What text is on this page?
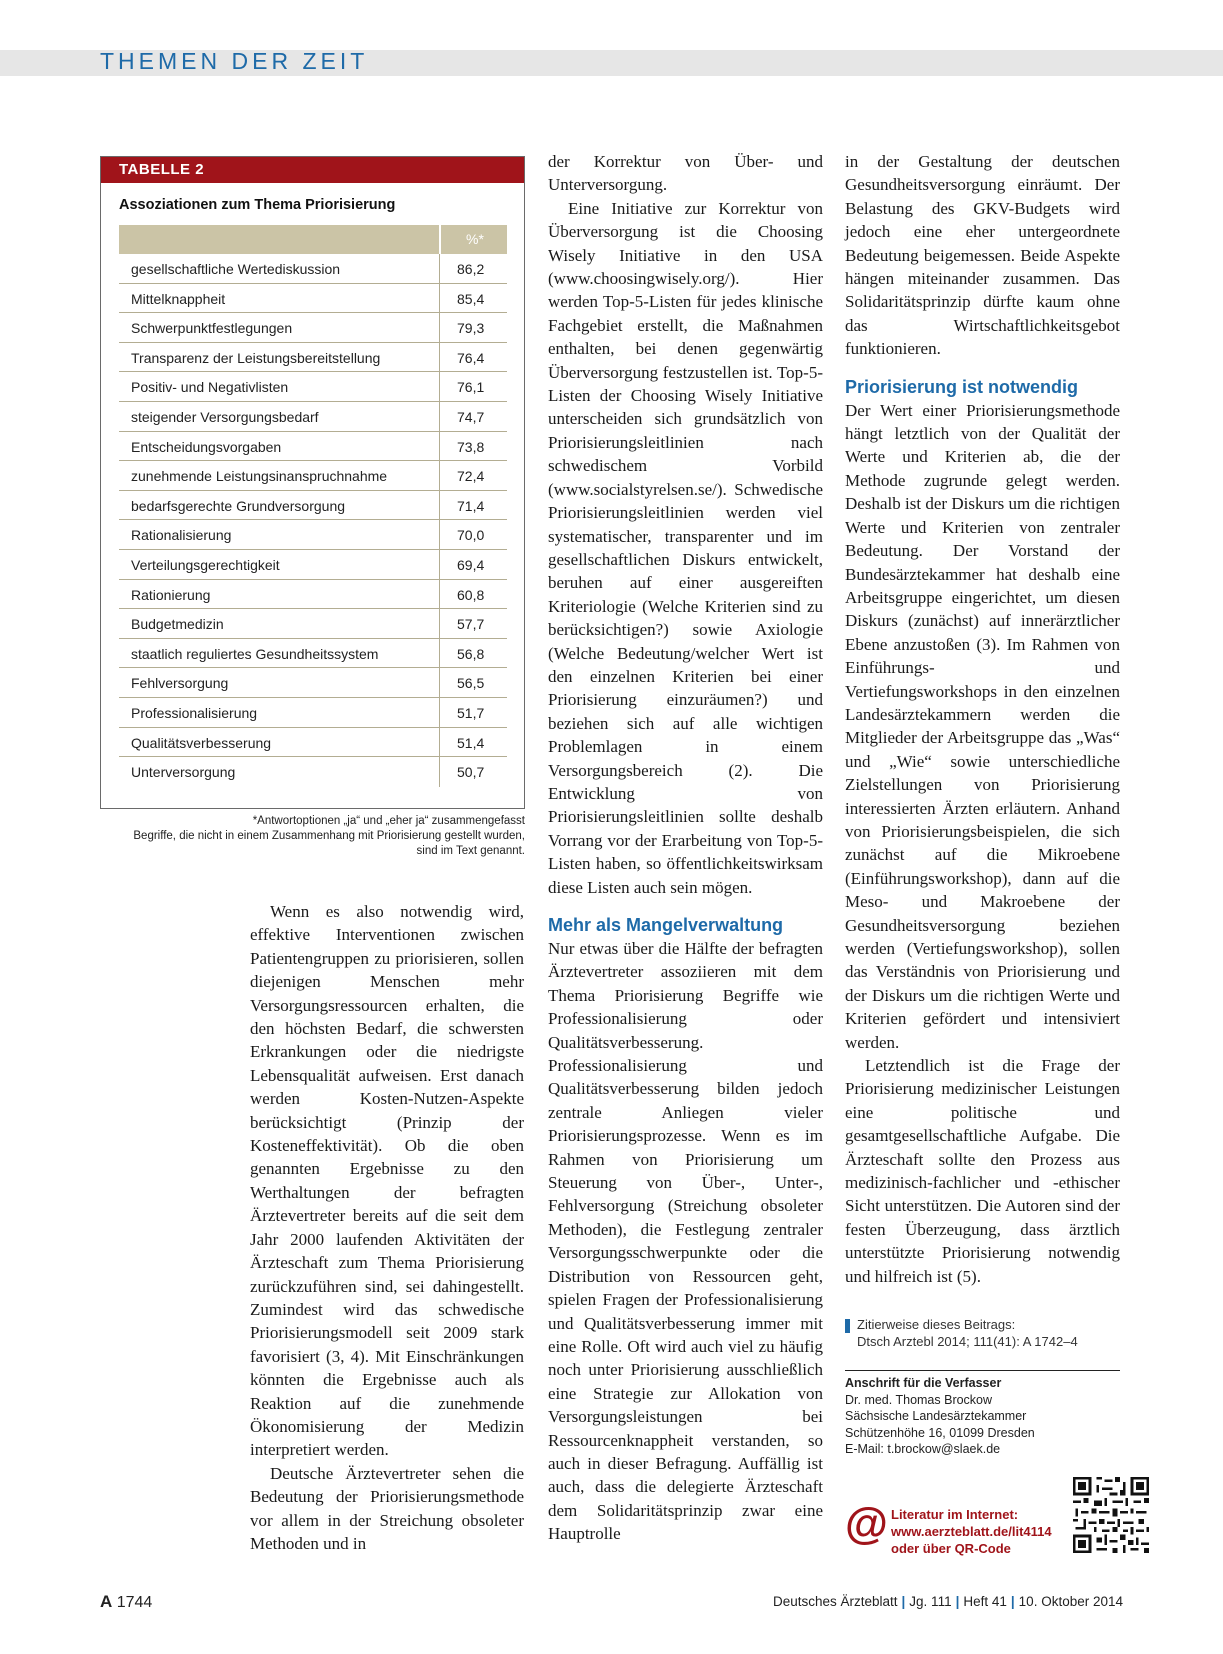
THEMEN DER ZEIT
TABELLE 2
Assoziationen zum Thema Priorisierung
%*
gesellschaftliche Wertediskussion	86,2
Mittelknappheit	85,4
Schwerpunktfestlegungen	79,3
Transparenz der Leistungsbereitstellung	76,4
Positiv- und Negativlisten	76,1
steigender Versorgungsbedarf	74,7
Entscheidungsvorgaben	73,8
zunehmende Leistungsinanspruchnahme	72,4
bedarfsgerechte Grundversorgung	71,4
Rationalisierung	70,0
Verteilungsgerechtigkeit	69,4
Rationierung	60,8
Budgetmedizin	57,7
staatlich reguliertes Gesundheitssystem	56,8
Fehlversorgung	56,5
Professionalisierung	51,7
Qualitätsverbesserung	51,4
Unterversorgung	50,7
*Antwortoptionen „ja“ und „eher ja“ zusammengefasst
Begriffe, die nicht in einem Zusammenhang mit Priorisierung gestellt wurden,
sind im Text genannt.

Wenn es also notwendig wird, effektive Interventionen zwischen Patientengruppen zu priorisieren, sollen diejenigen Menschen mehr Versorgungsressourcen erhalten, die den höchsten Bedarf, die schwersten Erkrankungen oder die niedrigste Lebensqualität aufweisen. Erst danach werden Kosten-Nutzen-Aspekte berücksichtigt (Prinzip der Kosteneffektivität). Ob die oben genannten Ergebnisse zu den Werthaltungen der befragten Ärztevertreter bereits auf die seit dem Jahr 2000 laufenden Aktivitäten der Ärzteschaft zum Thema Priorisierung zurückzuführen sind, sei dahingestellt. Zumindest wird das schwedische Priorisierungsmodell seit 2009 stark favorisiert (3, 4). Mit Einschränkungen könnten die Ergebnisse auch als Reaktion auf die zunehmende Ökonomisierung der Medizin interpretiert werden.

Deutsche Ärztevertreter sehen die Bedeutung der Priorisierungsmethode vor allem in der Streichung obsoleter Methoden und in

der Korrektur von Über- und Unterversorgung.

Eine Initiative zur Korrektur von Überversorgung ist die Choosing Wisely Initiative in den USA (www.choosingwisely.org/). Hier werden Top-5-Listen für jedes klinische Fachgebiet erstellt, die Maßnahmen enthalten, bei denen gegenwärtig Überversorgung festzustellen ist. Top-5-Listen der Choosing Wisely Initiative unterscheiden sich grundsätzlich von Priorisierungsleitlinien nach schwedischem Vorbild (www.socialstyrelsen.se/). Schwedische Priorisierungsleitlinien werden viel systematischer, transparenter und im gesellschaftlichen Diskurs entwickelt, beruhen auf einer ausgereiften Kriteriologie (Welche Kriterien sind zu berücksichtigen?) sowie Axiologie (Welche Bedeutung/welcher Wert ist den einzelnen Kriterien bei einer Priorisierung einzuräumen?) und beziehen sich auf alle wichtigen Problemlagen in einem Versorgungsbereich (2). Die Entwicklung von Priorisierungsleitlinien sollte deshalb Vorrang vor der Erarbeitung von Top-5-Listen haben, so öffentlichkeitswirksam diese Listen auch sein mögen.

Mehr als Mangelverwaltung

Nur etwas über die Hälfte der befragten Ärztevertreter assoziieren mit dem Thema Priorisierung Begriffe wie Professionalisierung oder Qualitätsverbesserung. Professionalisierung und Qualitätsverbesserung bilden jedoch zentrale Anliegen vieler Priorisierungsprozesse. Wenn es im Rahmen von Priorisierung um Steuerung von Über-, Unter-, Fehlversorgung (Streichung obsoleter Methoden), die Festlegung zentraler Versorgungsschwerpunkte oder die Distribution von Ressourcen geht, spielen Fragen der Professionalisierung und Qualitätsverbesserung immer mit eine Rolle. Oft wird auch viel zu häufig noch unter Priorisierung ausschließlich eine Strategie zur Allokation von Versorgungsleistungen bei Ressourcenknappheit verstanden, so auch in dieser Befragung. Auffällig ist auch, dass die delegierte Ärzteschaft dem Solidaritätsprinzip zwar eine Hauptrolle

in der Gestaltung der deutschen Gesundheitsversorgung einräumt. Der Belastung des GKV-Budgets wird jedoch eine eher untergeordnete Bedeutung beigemessen. Beide Aspekte hängen miteinander zusammen. Das Solidaritätsprinzip dürfte kaum ohne das Wirtschaftlichkeitsgebot funktionieren.

Priorisierung ist notwendig

Der Wert einer Priorisierungsmethode hängt letztlich von der Qualität der Werte und Kriterien ab, die der Methode zugrunde gelegt werden. Deshalb ist der Diskurs um die richtigen Werte und Kriterien von zentraler Bedeutung. Der Vorstand der Bundesärztekammer hat deshalb eine Arbeitsgruppe eingerichtet, um diesen Diskurs (zunächst) auf innerärztlicher Ebene anzustoßen (3). Im Rahmen von Einführungs- und Vertiefungsworkshops in den einzelnen Landesärztekammern werden die Mitglieder der Arbeitsgruppe das „Was“ und „Wie“ sowie unterschiedliche Zielstellungen von Priorisierung interessierten Ärzten erläutern. Anhand von Priorisierungsbeispielen, die sich zunächst auf die Mikroebene (Einführungsworkshop), dann auf die Meso- und Makroebene der Gesundheitsversorgung beziehen werden (Vertiefungsworkshop), sollen das Verständnis von Priorisierung und der Diskurs um die richtigen Werte und Kriterien gefördert und intensiviert werden.

Letztendlich ist die Frage der Priorisierung medizinischer Leistungen eine politische und gesamtgesellschaftliche Aufgabe. Die Ärzteschaft sollte den Prozess aus medizinisch-fachlicher und -ethischer Sicht unterstützen. Die Autoren sind der festen Überzeugung, dass ärztlich unterstützte Priorisierung notwendig und hilfreich ist (5).

Zitierweise dieses Beitrags:
Dtsch Arztebl 2014; 111(41): A 1742–4
Anschrift für die Verfasser
Dr. med. Thomas Brockow
Sächsische Landesärztekammer
Schützenhöhe 16, 01099 Dresden
E-Mail: t.brockow@slaek.de
@ Literatur im Internet:
www.aerzteblatt.de/lit4114
oder über QR-Code
A 1744	Deutsches Ärzteblatt | Jg. 111 | Heft 41 | 10. Oktober 2014
